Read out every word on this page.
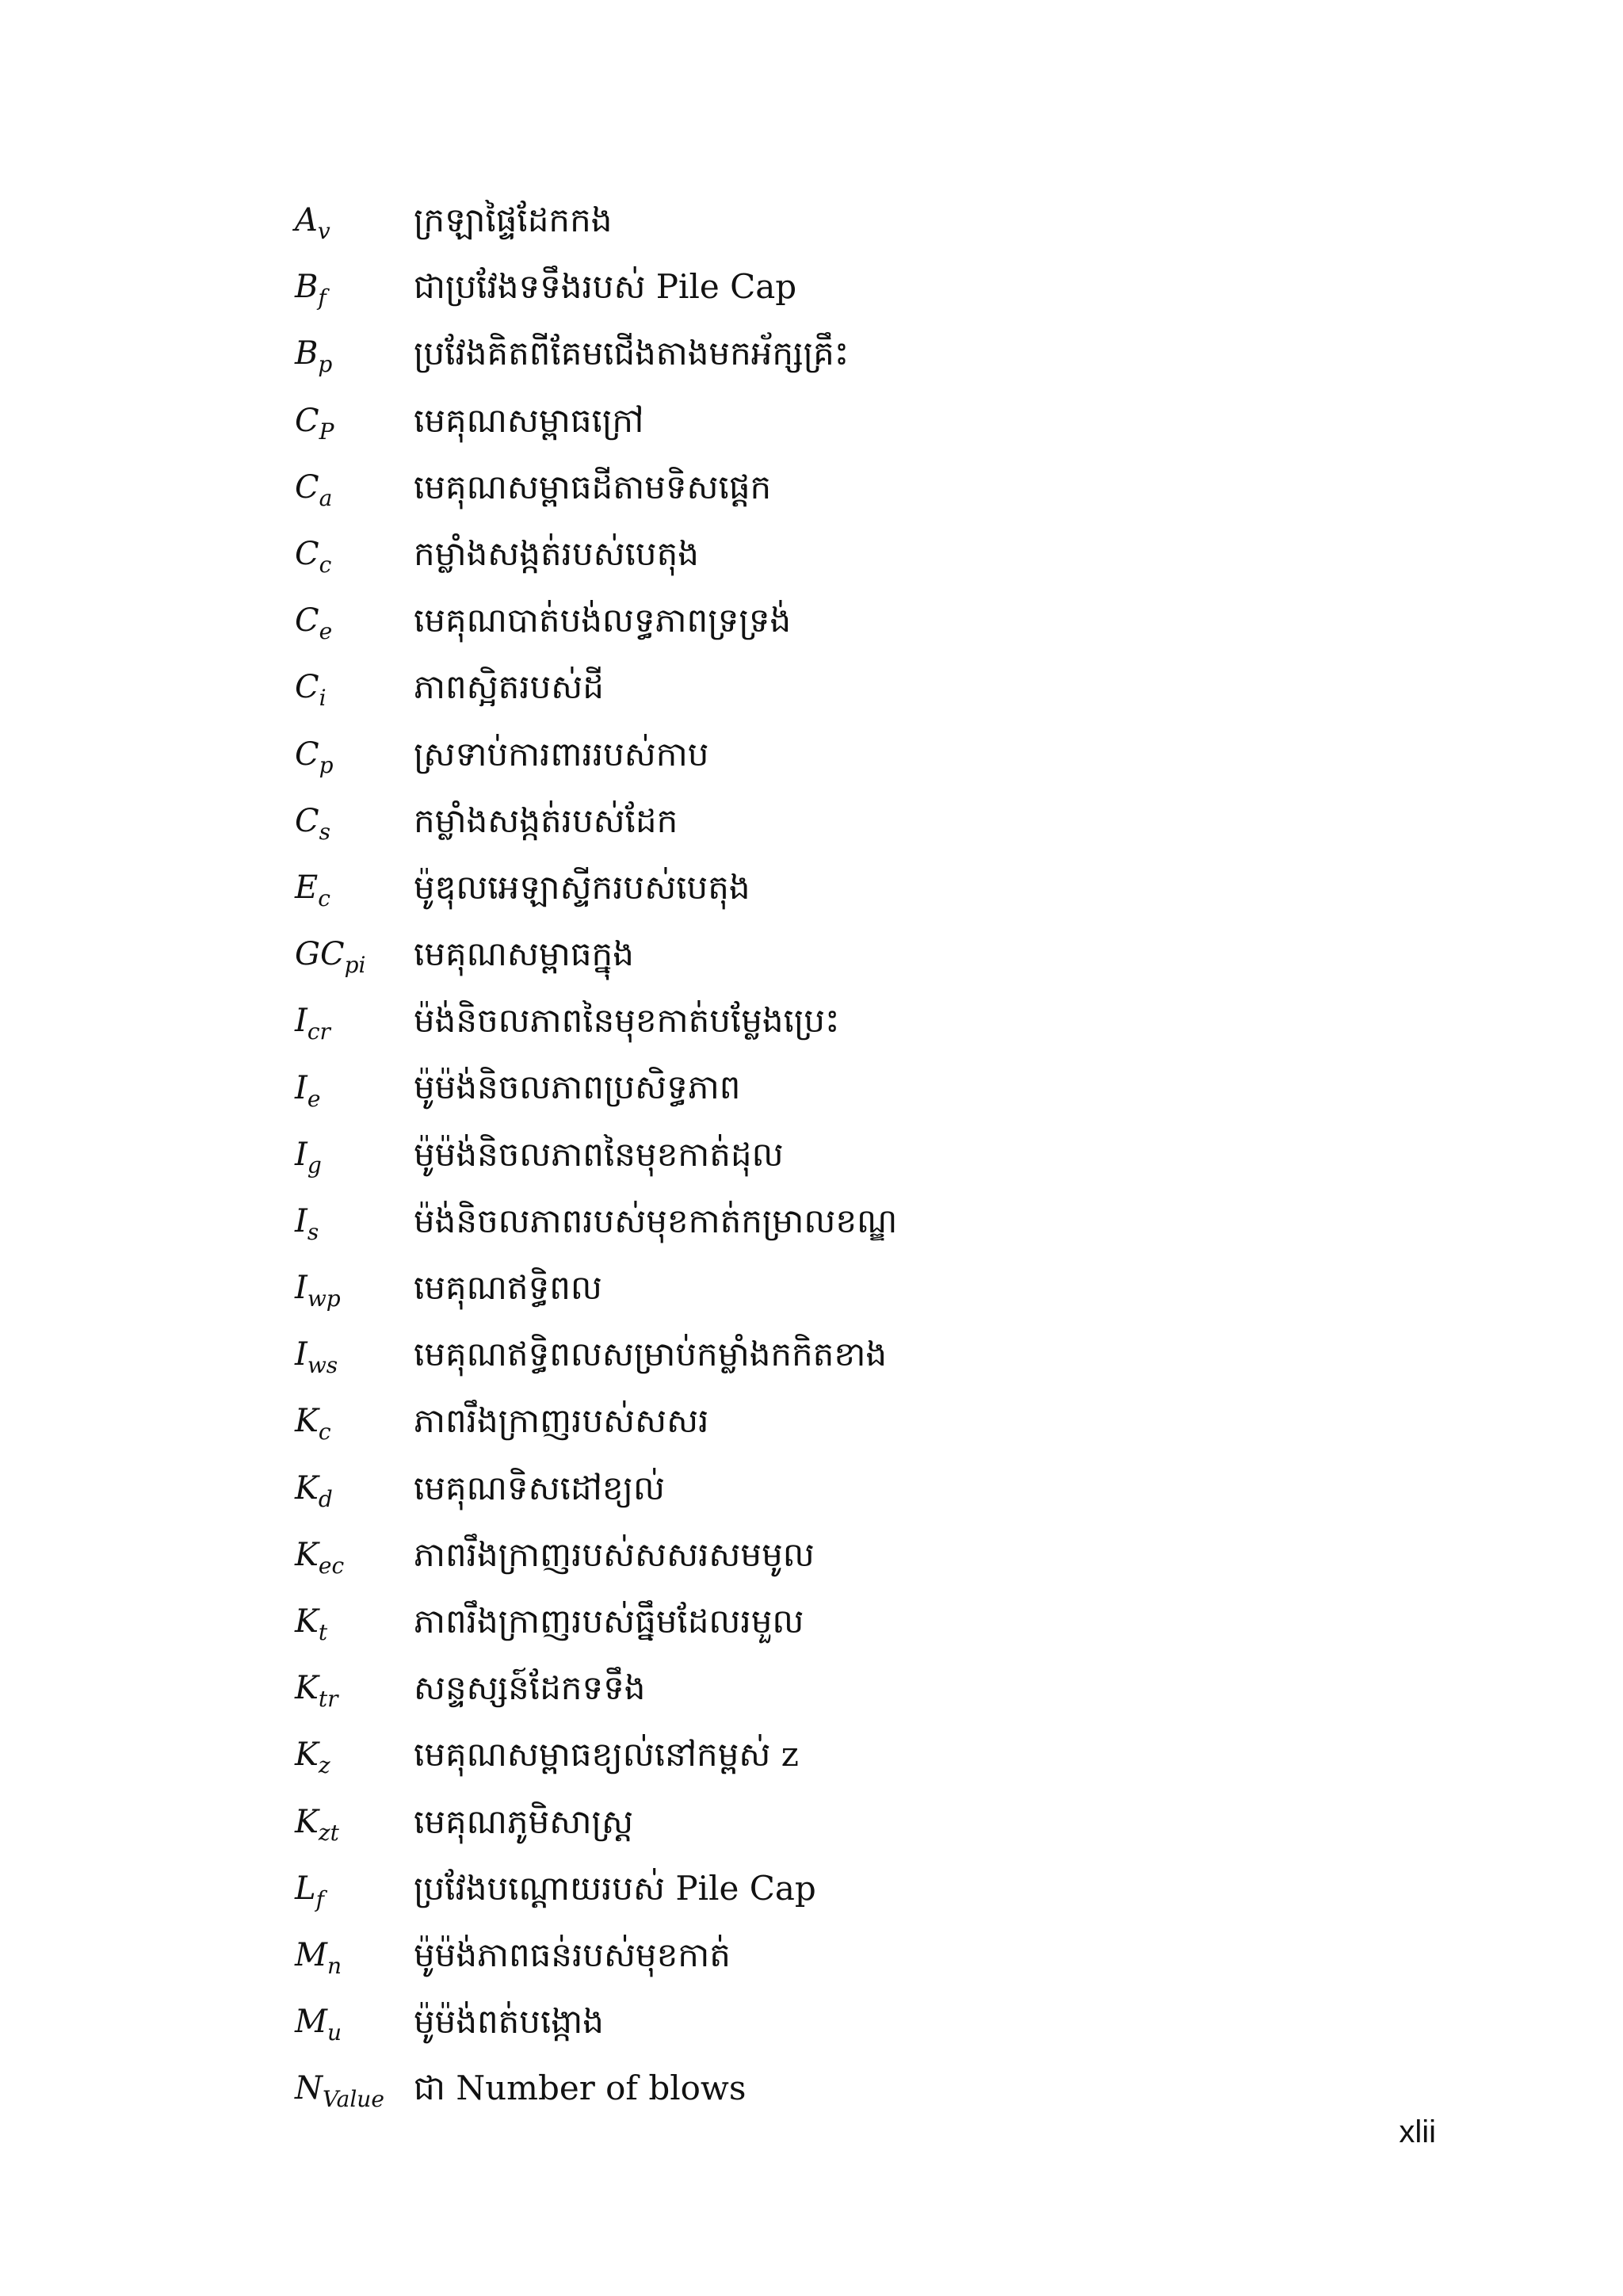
$A_v$	ក្រឡាផ្ទៃដែកកង
$B_f$	ជាប្រវែងទទឹងរបស់ Pile Cap
$B_p$	ប្រវែងគិតពីគែមជើងតាងមកអ័ក្សគ្រឹះ
$C_P$	មេគុណសម្ពាធក្រៅ
$C_a$	មេគុណសម្ពាធដីតាមទិសផ្ដេក
$C_c$	កម្លាំងសង្កត់របស់បេតុង
$C_e$	មេគុណបាត់បង់លទ្ធភាពទ្រទ្រង់
$C_i$	ភាពស្អិតរបស់ដី
$C_p$	ស្រទាប់ការពាររបស់កាប
$C_s$	កម្លាំងសង្កត់របស់ដែក
$E_c$	ម៉ូឌុលអេឡាស្ទីករបស់បេតុង
$GC_{pi}$	មេគុណសម្ពាធក្នុង
$I_{cr}$	ម៉ង់និចលភាពនៃមុខកាត់បម្លែងប្រេះ
$I_e$	ម៉ូម៉ង់និចលភាពប្រសិទ្ធភាព
$I_g$	ម៉ូម៉ង់និចលភាពនៃមុខកាត់ដុល
$I_s$	ម៉ង់និចលភាពរបស់មុខកាត់កម្រាលខណ្ឌ
$I_{wp}$	មេគុណឥទ្ធិពល
$I_{ws}$	មេគុណឥទ្ធិពលសម្រាប់កម្លាំងកកិតខាង
$K_c$	ភាពរឹងក្រាញរបស់សសរ
$K_d$	មេគុណទិសដៅខ្យល់
$K_{ec}$	ភាពរឹងក្រាញរបស់សសរសមមូល
$K_t$	ភាពរឹងក្រាញរបស់ធ្នឹមដែលរមួល
$K_{tr}$	សន្ទស្សន៍ដែកទទឹង
$K_z$	មេគុណសម្ពាធខ្យល់នៅកម្ពស់ z
$K_{zt}$	មេគុណភូមិសាស្ត្រ
$L_f$	ប្រវែងបណ្ដោយរបស់ Pile Cap
$M_n$	ម៉ូម៉ង់ភាពធន់របស់មុខកាត់
$M_u$	ម៉ូម៉ង់ពត់បង្កោង
$N_{Value}$ ជា Number of blows
xlii
